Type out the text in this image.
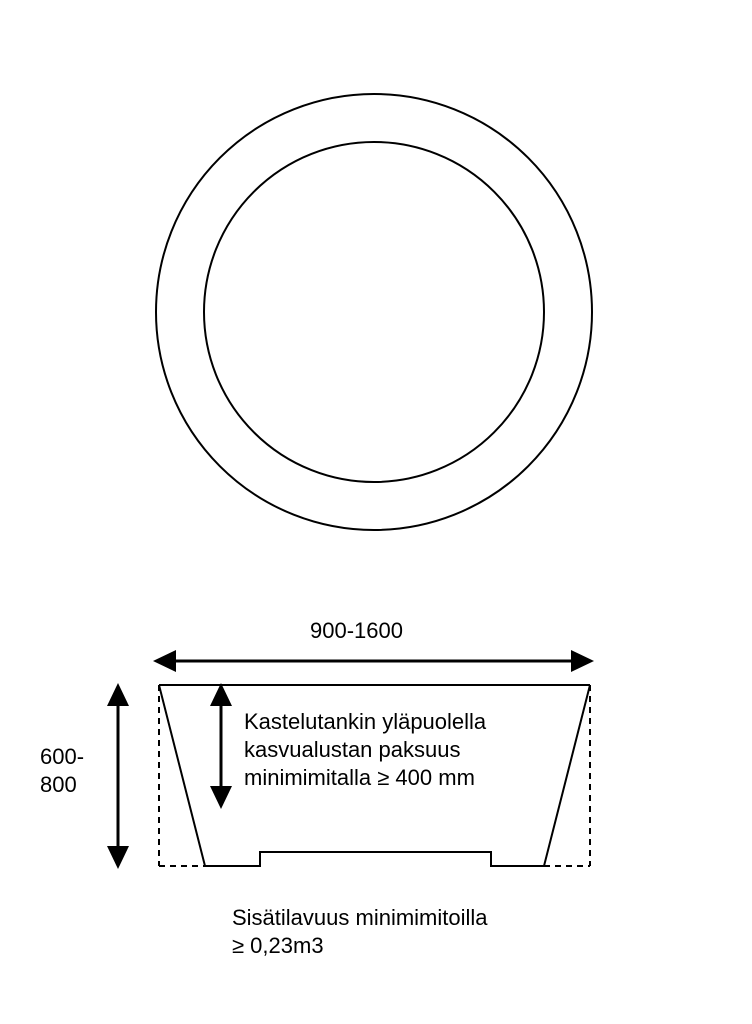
900-1600
600-
800
Kastelutankin yläpuolella
kasvualustan paksuus
minimimitalla ≥ 400 mm
Sisätilavuus minimimitoilla
≥ 0,23m3
